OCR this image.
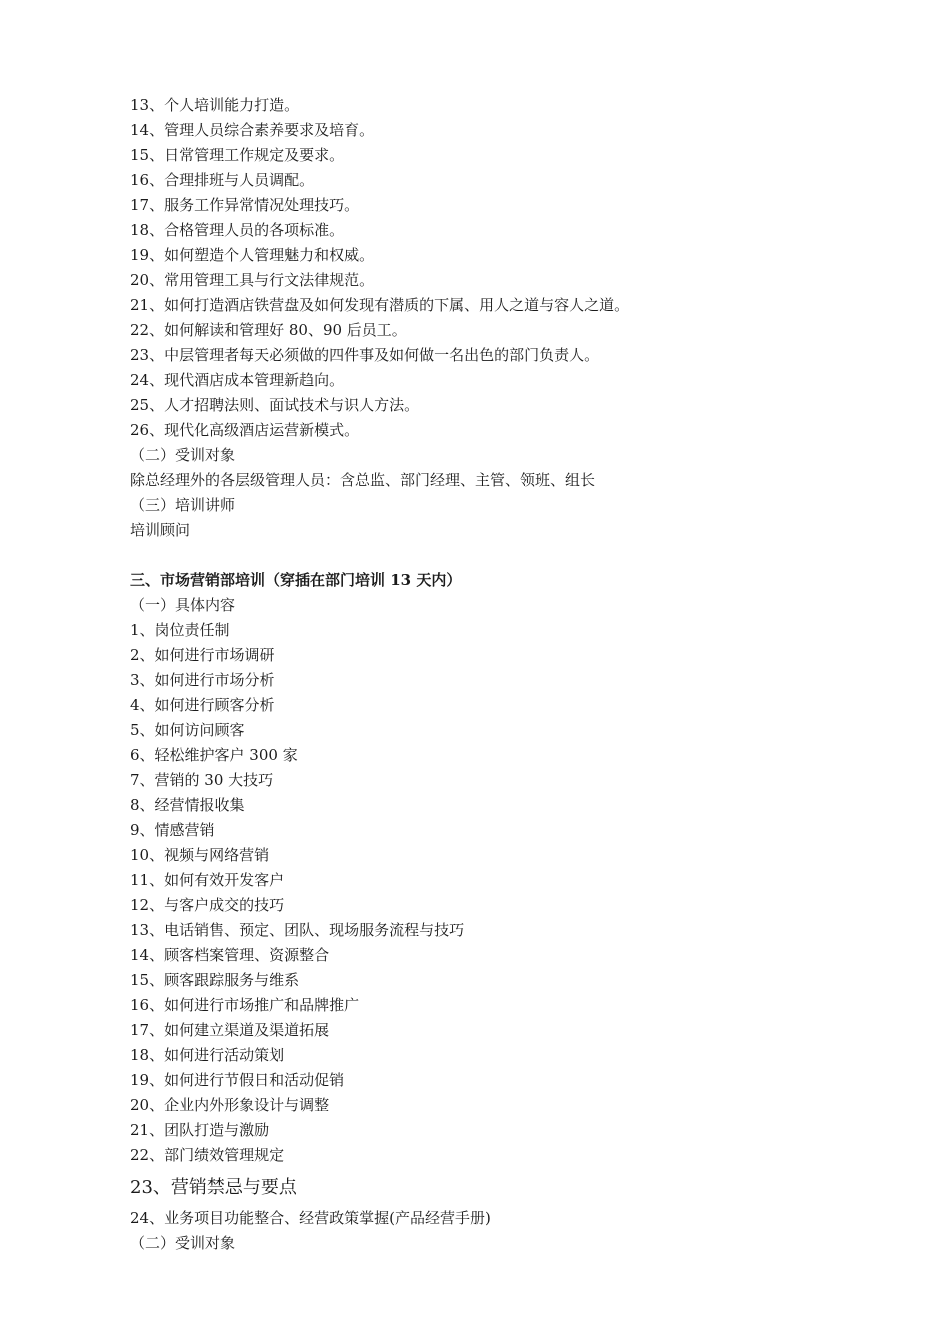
13、个人培训能力打造。
14、管理人员综合素养要求及培育。
15、日常管理工作规定及要求。
16、合理排班与人员调配。
17、服务工作异常情况处理技巧。
18、合格管理人员的各项标准。
19、如何塑造个人管理魅力和权威。
20、常用管理工具与行文法律规范。
21、如何打造酒店铁营盘及如何发现有潜质的下属、用人之道与容人之道。
22、如何解读和管理好 80、90 后员工。
23、中层管理者每天必须做的四件事及如何做一名出色的部门负责人。
24、现代酒店成本管理新趋向。
25、人才招聘法则、面试技术与识人方法。
26、现代化高级酒店运营新模式。
（二）受训对象
除总经理外的各层级管理人员：含总监、部门经理、主管、领班、组长
（三）培训讲师
培训顾问
三、市场营销部培训（穿插在部门培训 13 天内）
（一）具体内容
1、岗位责任制
2、如何进行市场调研
3、如何进行市场分析
4、如何进行顾客分析
5、如何访问顾客
6、轻松维护客户 300 家
7、营销的 30 大技巧
8、经营情报收集
9、情感营销
10、视频与网络营销
11、如何有效开发客户
12、与客户成交的技巧
13、电话销售、预定、团队、现场服务流程与技巧
14、顾客档案管理、资源整合
15、顾客跟踪服务与维系
16、如何进行市场推广和品牌推广
17、如何建立渠道及渠道拓展
18、如何进行活动策划
19、如何进行节假日和活动促销
20、企业内外形象设计与调整
21、团队打造与激励
22、部门绩效管理规定
23、营销禁忌与要点
24、业务项目功能整合、经营政策掌握(产品经营手册)
（二）受训对象
